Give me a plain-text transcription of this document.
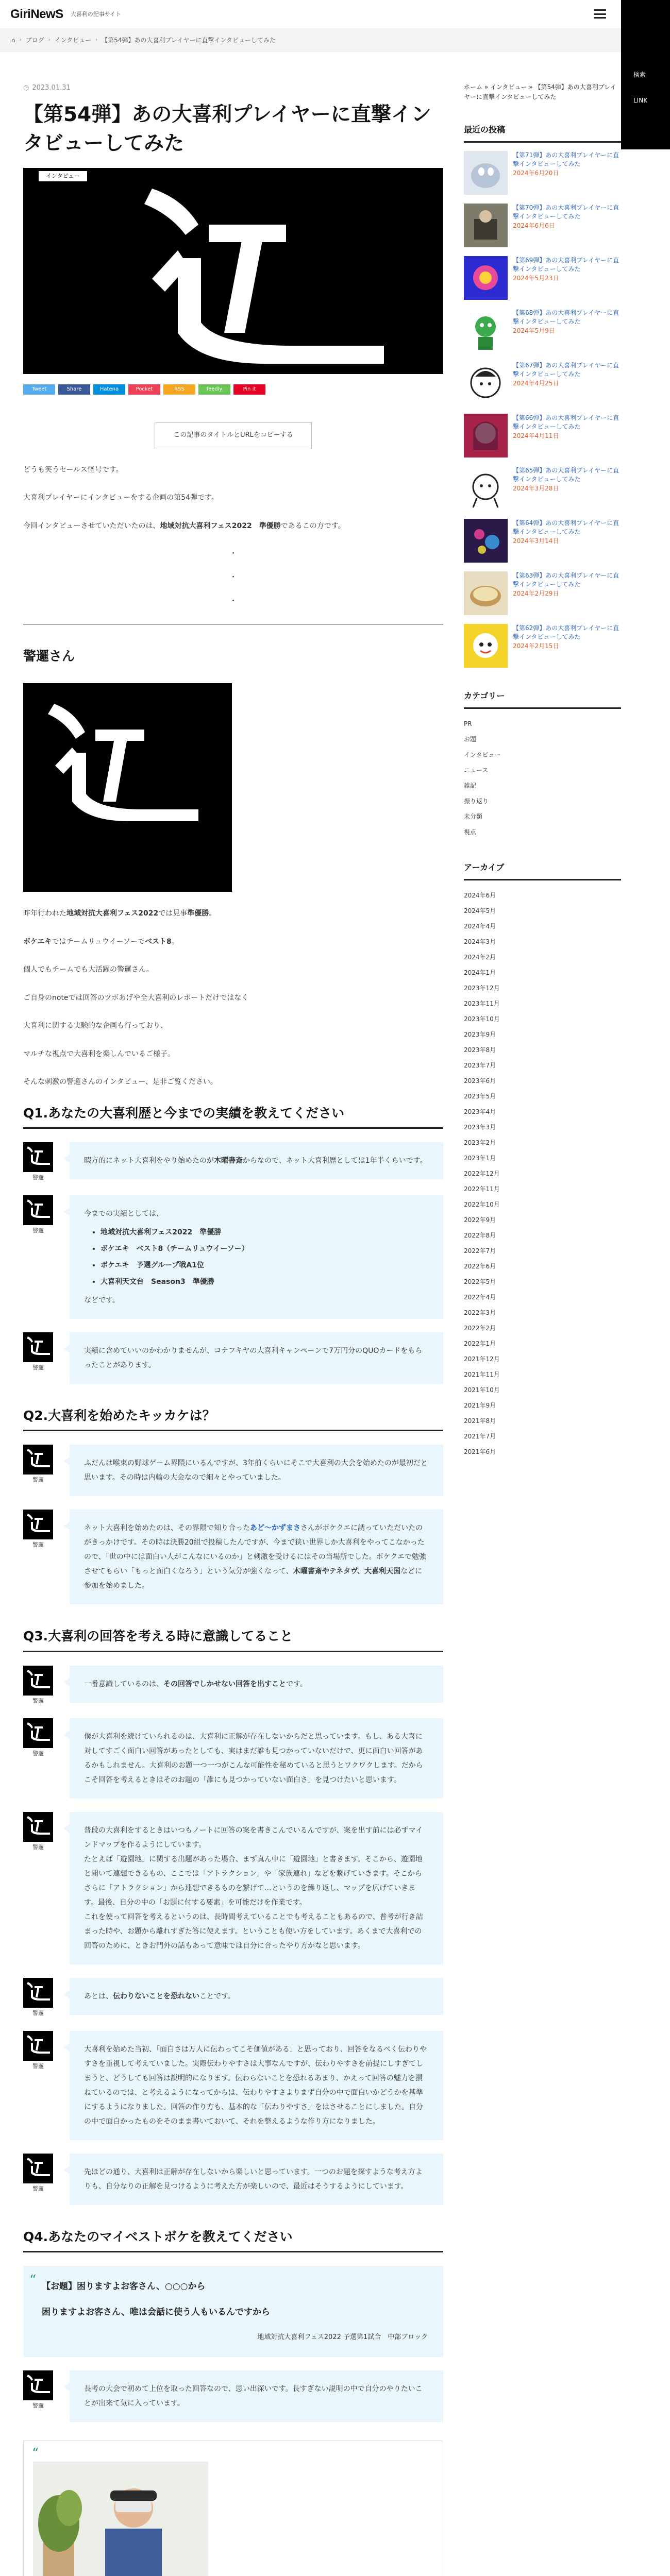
GiriNewS 大喜利の記事サイト
⌂ › ブログ › インタビュー › 【第54弾】あの大喜利プレイヤーに直撃インタビューしてみた
検索
LINK
◷ 2023.01.31
【第54弾】あの大喜利プレイヤーに直撃インタビューしてみた
インタビュー
Tweet	Share	Hatena	Pocket	RSS	feedly	Pin it
この記事のタイトルとURLをコピーする

どうも笑うセールス怪号です。

大喜利プレイヤーにインタビューをする企画の第54弾です。

今回インタビューさせていただいたのは、地域対抗大喜利フェス2022　準優勝であるこの方です。

・
・
・
警邏さん

昨年行われた地域対抗大喜利フェス2022では見事準優勝。

ボケエキではチームリュウイーソーでベスト8。

個人でもチームでも大活躍の警邏さん。

ご自身のnoteでは回答のツボあげや全大喜利のレポートだけではなく

大喜利に関する実験的な企画も行っており、

マルチな視点で大喜利を楽しんでいるご様子。

そんな刺激の警邏さんのインタビュー、是非ご覧ください。

Q1.あなたの大喜利歴と今までの実績を教えてください
警邏
暇方的にネット大喜利をやり始めたのが木曜書斎からなので、ネット大喜利歴としては1年半くらいです。
警邏
今までの実績としては、
• 地域対抗大喜利フェス2022　準優勝
• ボケエキ　ベスト8（チームリュウイーソー）
• ボケエキ　予選グループ戦A1位
• 大喜利天文台　Season3　準優勝
などです。
警邏
実績に含めていいのかわかりませんが、コナフキヤの大喜利キャンペーンで7万円分のQUOカードをもらったことがあります。
Q2.大喜利を始めたキッカケは？
警邏
ふだんは喉束の野球ゲーム界隈にいるんですが、3年前くらいにそこで大喜利の大会を始めたのが最初だと思います。その時は内輪の大会なので細々とやっていました。
警邏
ネット大喜利を始めたのは、その界隈で知り合ったあど～かずまささんがボケクエに誘っていただいたのがきっかけです。その時は決勝20組で投稿したんですが、今まで狭い世界しか大喜利をやってこなかったので、「世の中には面白い人がこんなにいるのか」と刺激を受けるにはその当場所でした。ボケクエで勉強させてもらい「もっと面白くなろう」という気分が強くなって、木曜書斎やテネタヴ、大喜利天国などに参加を始めました。
Q3.大喜利の回答を考える時に意識してること
警邏
一番意識しているのは、その回答でしかせない回答を出すことです。
警邏
僕が大喜利を続けていられるのは、大喜利に正解が存在しないからだと思っています。もし、ある大喜に対してすごく面白い回答があったとしても、実はまだ誰も見つかっていないだけで、更に面白い回答があるかもしれません。大喜利のお題一つ一つがこんな可能性を秘めていると思うとワクワクします。だからこそ回答を考えるときはそのお題の「誰にも見つかっていない面白さ」を見つけたいと思います。
警邏
普段の大喜利をするときはいつもノートに回答の案を書きこんでいるんですが、案を出す前には必ずマインドマップを作るようにしています。
たとえば「遊園地」に関する出題があった場合、まず真ん中に「遊園地」と書きます。そこから、遊園地と聞いて連想できるもの、ここでは「アトラクション」や「家族連れ」などを繋げていきます。そこからさらに「アトラクション」から連想できるものを繋げて…というのを繰り返し、マップを広げていきます。最後、自分の中の「お題に付する要素」を可能だけを作業です。
これを使って回答を考えるというのは、長時間考えていることでも考えることもあるので、普考が行き詰まった時や、お題から離れすぎた答に使えます。ということも使い方をしています。あくまで大喜利での回答のために、ときお門外の話もあって意味では自分に合ったやり方かなと思います。
警邏
あとは、伝わりないことを恐れないことです。
警邏
大喜利を始めた当初、「面白さは万人に伝わってこそ価値がある」と思っており、回答をなるべく伝わりやすさを重視して考えていました。実際伝わりやすさは大事なんですが、伝わりやすさを前提にしすぎてしまうと、どうしても回答は説明的になります。伝わらないことを恐れるあまり、かえって回答の魅力を損ねているのでは、と考えるようになってからは、伝わりやすさよりまず自分の中で面白いかどうかを基準にするようになりました。回答の作り方も、基本的な「伝わりやすさ」をはさせることにしました。自分の中で面白かったものをそのまま書いておいて、それを整えるような作り方になりました。
警邏
先ほどの通り、大喜利は正解が存在しないから楽しいと思っています。一つのお題を探すような考え方よりも、自分なりの正解を見つけるように考えた方が楽しいので、最近はそうするようにしています。
Q4.あなたのマイベストボケを教えてください
“ 【お題】困りますよお客さん、○○○から
困りますよお客さん、唯は会話に使う人もいるんですから
地域対抗大喜利フェス2022 予選第1試合　中部ブロック
警邏
長考の大会で初めて上位を取った回答なので、思い出深いです。長すぎない説明の中で自分のやりたいことが出来て気に入っています。
“
ホーム » インタビュー » 【第54弾】あの大喜利プレイヤーに直撃インタビューしてみた
最近の投稿
【第71弾】あの大喜利プレイヤーに直撃インタビューしてみた
2024年6月20日
【第70弾】あの大喜利プレイヤーに直撃インタビューしてみた
2024年6月6日
【第69弾】あの大喜利プレイヤーに直撃インタビューしてみた
2024年5月23日
【第68弾】あの大喜利プレイヤーに直撃インタビューしてみた
2024年5月9日
【第67弾】あの大喜利プレイヤーに直撃インタビューしてみた
2024年4月25日
【第66弾】あの大喜利プレイヤーに直撃インタビューしてみた
2024年4月11日
【第65弾】あの大喜利プレイヤーに直撃インタビューしてみた
2024年3月28日
【第64弾】あの大喜利プレイヤーに直撃インタビューしてみた
2024年3月14日
【第63弾】あの大喜利プレイヤーに直撃インタビューしてみた
2024年2月29日
【第62弾】あの大喜利プレイヤーに直撃インタビューしてみた
2024年2月15日
カテゴリー
PR
お題
インタビュー
ニュース
雑記
振り返り
未分類
視点
アーカイブ
2024年6月
2024年5月
2024年4月
2024年3月
2024年2月
2024年1月
2023年12月
2023年11月
2023年10月
2023年9月
2023年8月
2023年7月
2023年6月
2023年5月
2023年4月
2023年3月
2023年2月
2023年1月
2022年12月
2022年11月
2022年10月
2022年9月
2022年8月
2022年7月
2022年6月
2022年5月
2022年4月
2022年3月
2022年2月
2022年1月
2021年12月
2021年11月
2021年10月
2021年9月
2021年8月
2021年7月
2021年6月
